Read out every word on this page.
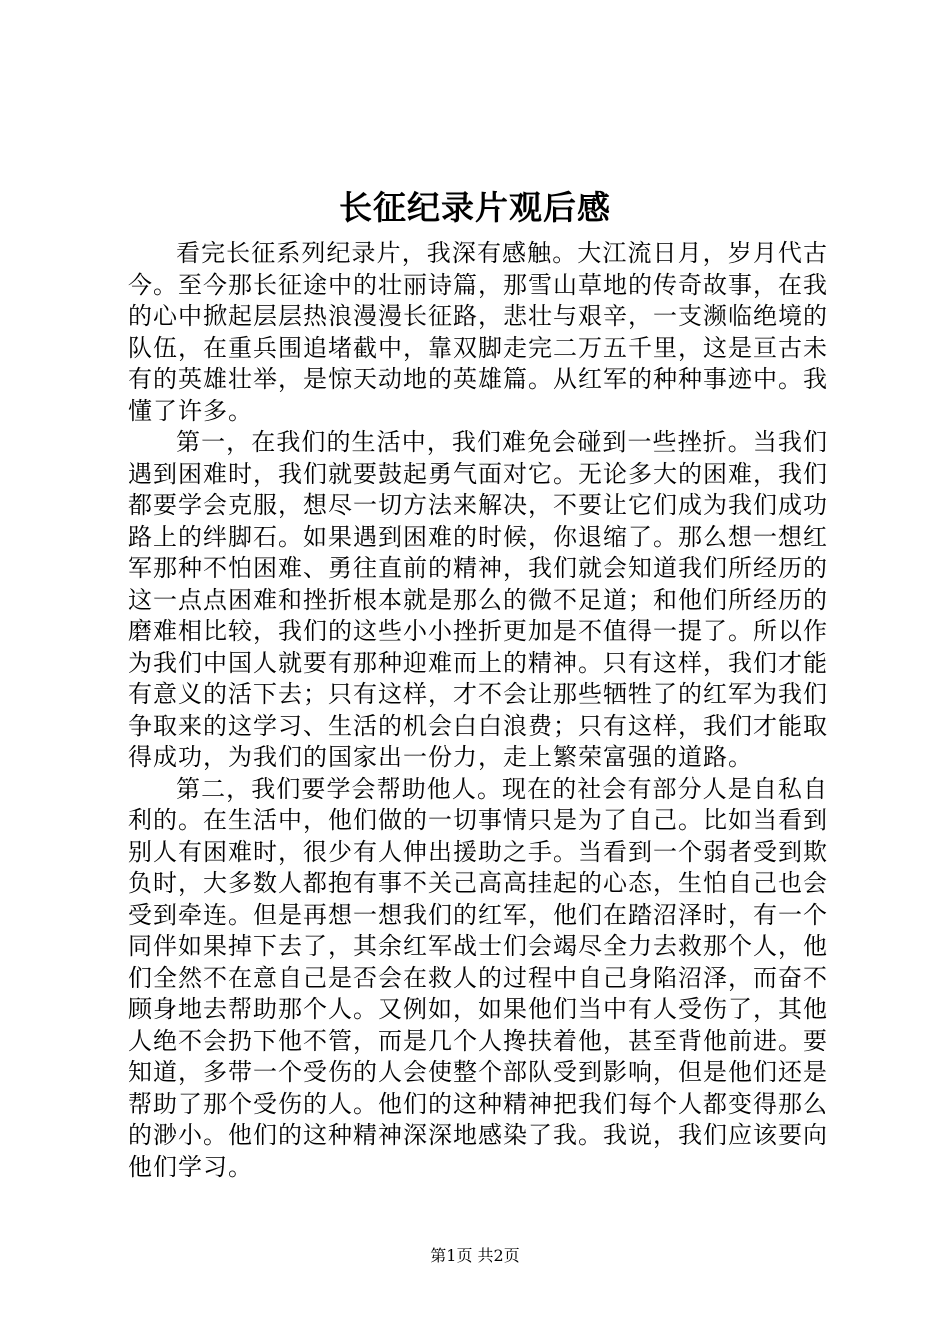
长征纪录片观后感

看完长征系列纪录片，我深有感触。大江流日月，岁月代古今。至今那长征途中的壮丽诗篇，那雪山草地的传奇故事，在我的心中掀起层层热浪漫漫长征路，悲壮与艰辛，一支濒临绝境的队伍，在重兵围追堵截中，靠双脚走完二万五千里，这是亘古未有的英雄壮举，是惊天动地的英雄篇。从红军的种种事迹中。我懂了许多。

第一，在我们的生活中，我们难免会碰到一些挫折。当我们遇到困难时，我们就要鼓起勇气面对它。无论多大的困难，我们都要学会克服，想尽一切方法来解决，不要让它们成为我们成功路上的绊脚石。如果遇到困难的时候，你退缩了。那么想一想红军那种不怕困难、勇往直前的精神，我们就会知道我们所经历的这一点点困难和挫折根本就是那么的微不足道；和他们所经历的磨难相比较，我们的这些小小挫折更加是不值得一提了。所以作为我们中国人就要有那种迎难而上的精神。只有这样，我们才能有意义的活下去；只有这样，才不会让那些牺牲了的红军为我们争取来的这学习、生活的机会白白浪费；只有这样，我们才能取得成功，为我们的国家出一份力，走上繁荣富强的道路。

第二，我们要学会帮助他人。现在的社会有部分人是自私自利的。在生活中，他们做的一切事情只是为了自己。比如当看到别人有困难时，很少有人伸出援助之手。当看到一个弱者受到欺负时，大多数人都抱有事不关己高高挂起的心态，生怕自己也会受到牵连。但是再想一想我们的红军，他们在踏沼泽时，有一个同伴如果掉下去了，其余红军战士们会竭尽全力去救那个人，他们全然不在意自己是否会在救人的过程中自己身陷沼泽，而奋不顾身地去帮助那个人。又例如，如果他们当中有人受伤了，其他人绝不会扔下他不管，而是几个人搀扶着他，甚至背他前进。要知道，多带一个受伤的人会使整个部队受到影响，但是他们还是帮助了那个受伤的人。他们的这种精神把我们每个人都变得那么的渺小。他们的这种精神深深地感染了我。我说，我们应该要向他们学习。

第1页 共2页
